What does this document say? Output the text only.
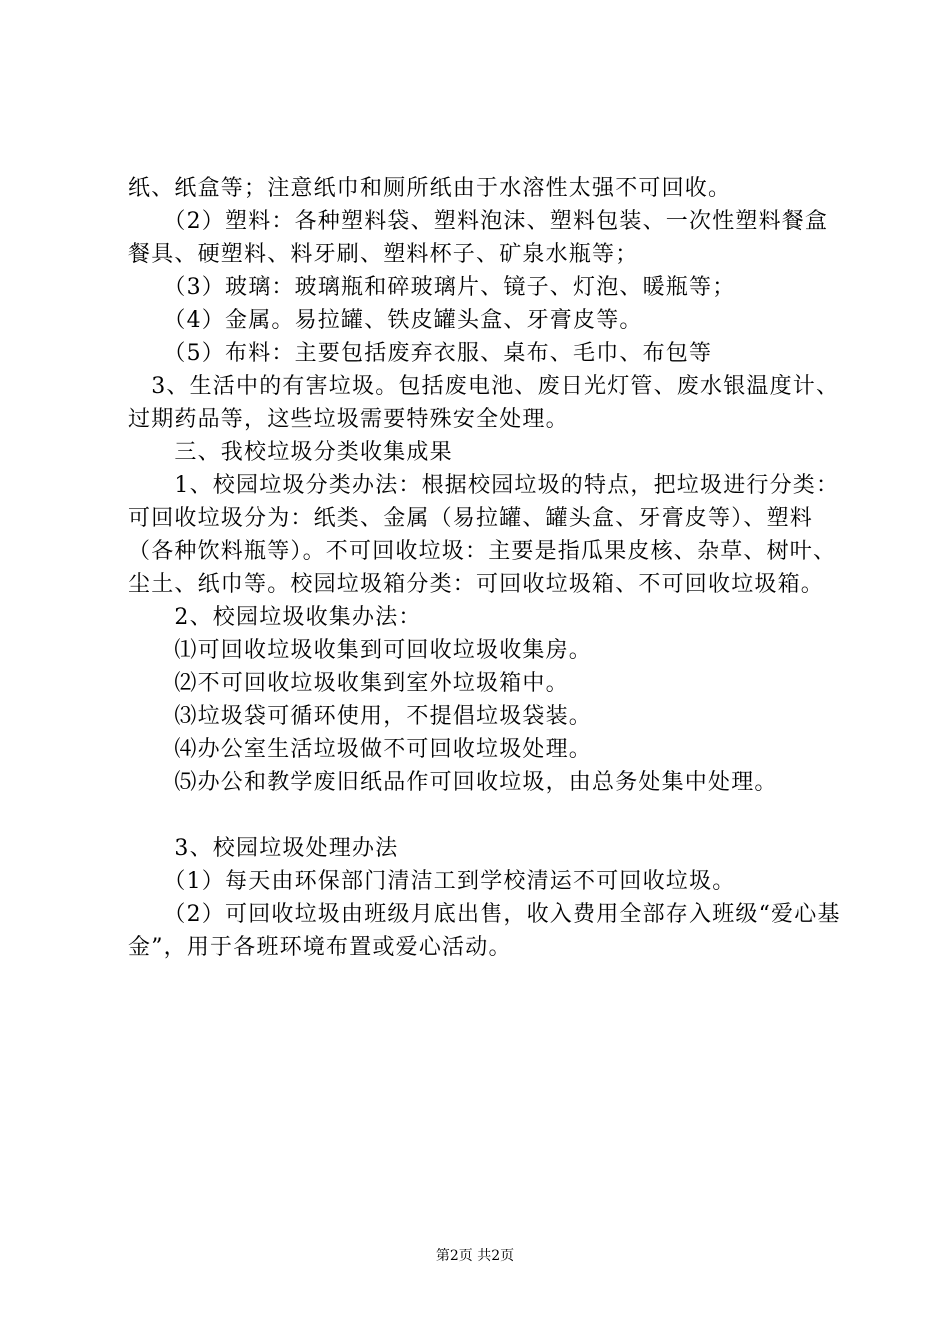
纸、纸盒等；注意纸巾和厕所纸由于水溶性太强不可回收。

　　（2）塑料：各种塑料袋、塑料泡沫、塑料包装、一次性塑料餐盒餐具、硬塑料、料牙刷、塑料杯子、矿泉水瓶等；

　　（3）玻璃：玻璃瓶和碎玻璃片、镜子、灯泡、暖瓶等；

　　（4）金属。易拉罐、铁皮罐头盒、牙膏皮等。

　　（5）布料：主要包括废弃衣服、桌布、毛巾、布包等

　3、生活中的有害垃圾。包括废电池、废日光灯管、废水银温度计、过期药品等，这些垃圾需要特殊安全处理。

　　三、我校垃圾分类收集成果

　　1、校园垃圾分类办法：根据校园垃圾的特点，把垃圾进行分类：可回收垃圾分为：纸类、金属（易拉罐、罐头盒、牙膏皮等）、塑料（各种饮料瓶等）。不可回收垃圾：主要是指瓜果皮核、杂草、树叶、尘土、纸巾等。校园垃圾箱分类：可回收垃圾箱、不可回收垃圾箱。

　　2、校园垃圾收集办法：

　　⑴可回收垃圾收集到可回收垃圾收集房。

　　⑵不可回收垃圾收集到室外垃圾箱中。

　　⑶垃圾袋可循环使用，不提倡垃圾袋装。

　　⑷办公室生活垃圾做不可回收垃圾处理。

　　⑸办公和教学废旧纸品作可回收垃圾，由总务处集中处理。

　　3、校园垃圾处理办法

　　（1）每天由环保部门清洁工到学校清运不可回收垃圾。

　　（2）可回收垃圾由班级月底出售，收入费用全部存入班级“爱心基金”，用于各班环境布置或爱心活动。

第2页 共2页
